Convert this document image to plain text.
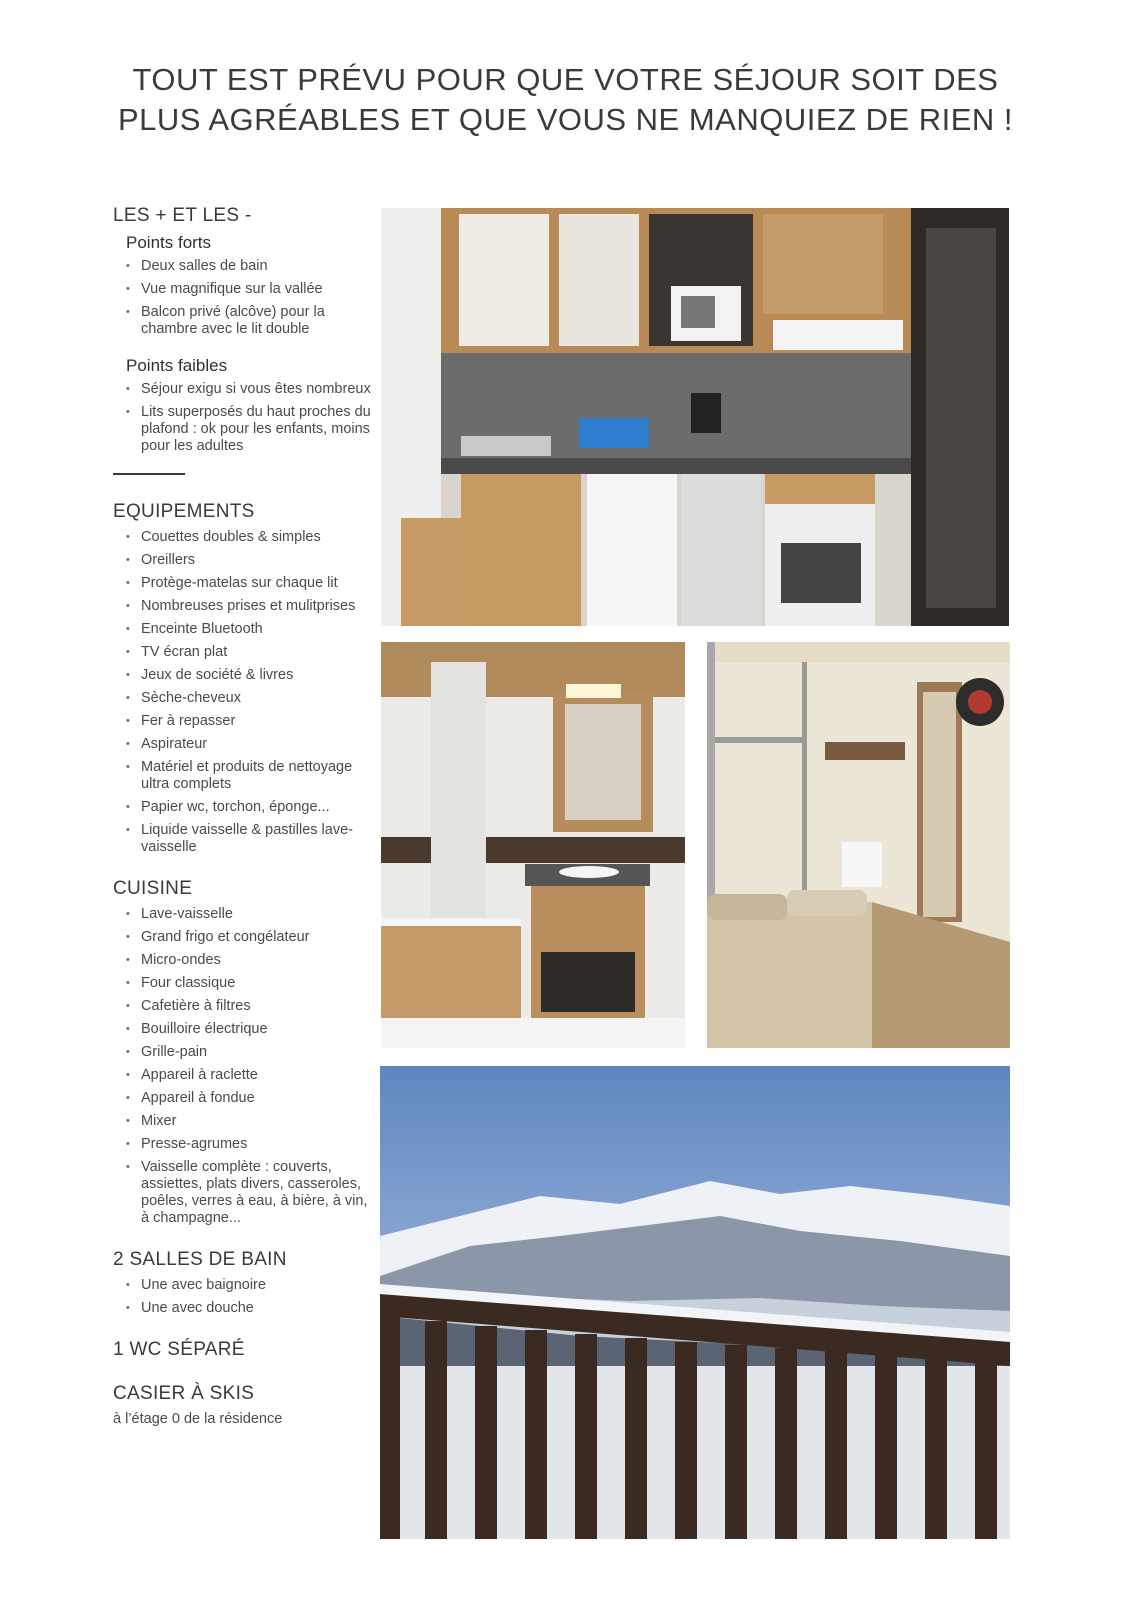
TOUT EST PRÉVU POUR QUE VOTRE SÉJOUR SOIT DES
PLUS AGRÉABLES ET QUE VOUS NE MANQUIEZ DE RIEN !
LES + ET LES -
Points forts
• Deux salles de bain
• Vue magnifique sur la vallée
• Balcon privé (alcôve) pour la chambre avec le lit double
Points faibles
• Séjour exigu si vous êtes nombreux
• Lits superposés du haut proches du plafond : ok pour les enfants, moins pour les adultes
EQUIPEMENTS
• Couettes doubles & simples
• Oreillers
• Protège-matelas sur chaque lit
• Nombreuses prises et mulitprises
• Enceinte Bluetooth
• TV écran plat
• Jeux de société & livres
• Sèche-cheveux
• Fer à repasser
• Aspirateur
• Matériel et produits de nettoyage ultra complets
• Papier wc, torchon, éponge...
• Liquide vaisselle & pastilles lave-vaisselle
CUISINE
• Lave-vaisselle
• Grand frigo et congélateur
• Micro-ondes
• Four classique
• Cafetière à filtres
• Bouilloire électrique
• Grille-pain
• Appareil à raclette
• Appareil à fondue
• Mixer
• Presse-agrumes
• Vaisselle complète : couverts, assiettes, plats divers, casseroles, poêles, verres à eau, à bière, à vin, à champagne...
2 SALLES DE BAIN
• Une avec baignoire
• Une avec douche
1 WC SÉPARÉ
CASIER À SKIS
à l’étage 0 de la résidence
